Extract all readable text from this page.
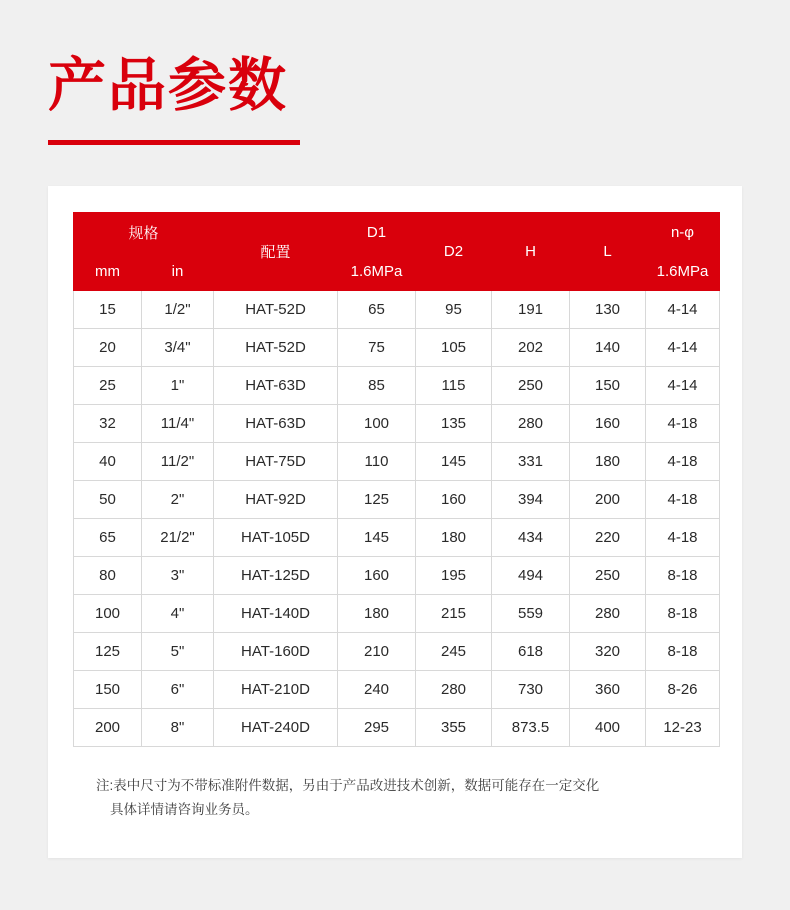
产品参数
规格		配置	D1	D2	H	L	n-φ
mm	in		1.6MPa				1.6MPa
15	1/2"	HAT-52D	65	95	191	130	4-14
20	3/4"	HAT-52D	75	105	202	140	4-14
25	1"	HAT-63D	85	115	250	150	4-14
32	11/4"	HAT-63D	100	135	280	160	4-18
40	11/2"	HAT-75D	110	145	331	180	4-18
50	2"	HAT-92D	125	160	394	200	4-18
65	21/2"	HAT-105D	145	180	434	220	4-18
80	3"	HAT-125D	160	195	494	250	8-18
100	4"	HAT-140D	180	215	559	280	8-18
125	5"	HAT-160D	210	245	618	320	8-18
150	6"	HAT-210D	240	280	730	360	8-26
200	8"	HAT-240D	295	355	873.5	400	12-23
注:表中尺寸为不带标准附件数据，另由于产品改进技术创新，数据可能存在一定交化
具体详情请咨询业务员。
